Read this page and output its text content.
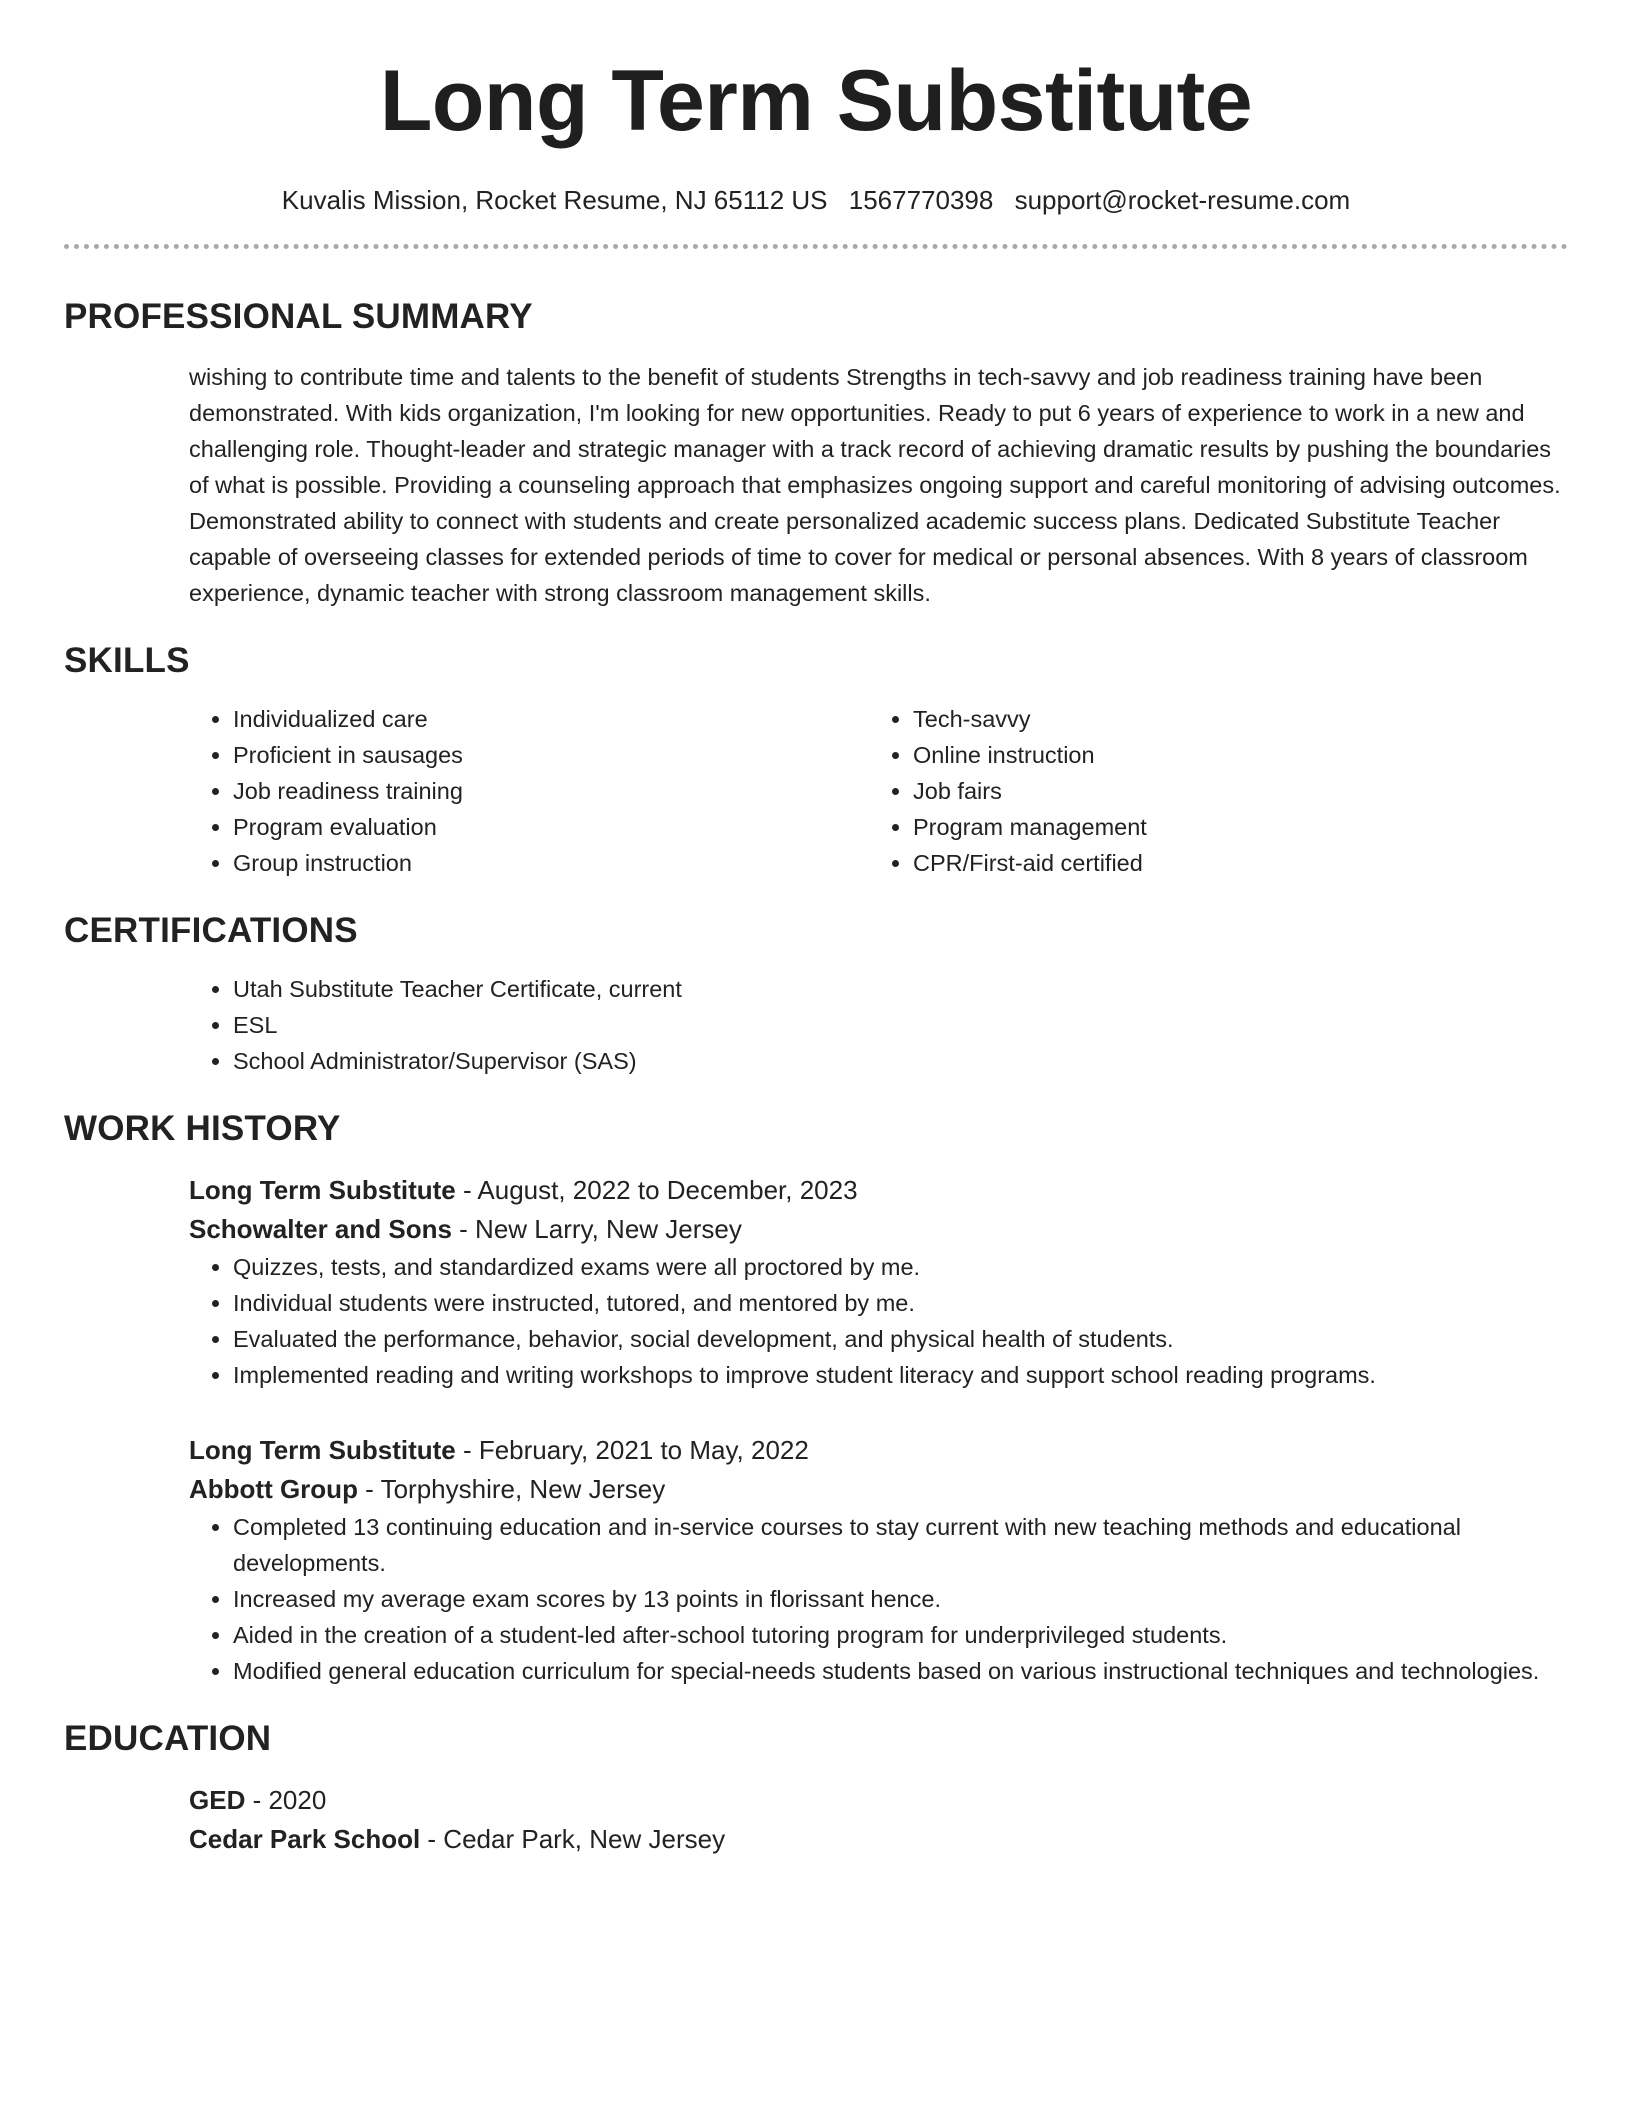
Long Term Substitute
Kuvalis Mission, Rocket Resume, NJ 65112 US 1567770398 support@rocket-resume.com
PROFESSIONAL SUMMARY
wishing to contribute time and talents to the benefit of students Strengths in tech-savvy and job readiness training have been demonstrated. With kids organization, I'm looking for new opportunities. Ready to put 6 years of experience to work in a new and challenging role. Thought-leader and strategic manager with a track record of achieving dramatic results by pushing the boundaries of what is possible. Providing a counseling approach that emphasizes ongoing support and careful monitoring of advising outcomes. Demonstrated ability to connect with students and create personalized academic success plans. Dedicated Substitute Teacher capable of overseeing classes for extended periods of time to cover for medical or personal absences. With 8 years of classroom experience, dynamic teacher with strong classroom management skills.
SKILLS
• Individualized care
• Proficient in sausages
• Job readiness training
• Program evaluation
• Group instruction
• Tech-savvy
• Online instruction
• Job fairs
• Program management
• CPR/First-aid certified
CERTIFICATIONS
• Utah Substitute Teacher Certificate, current
• ESL
• School Administrator/Supervisor (SAS)
WORK HISTORY
Long Term Substitute - August, 2022 to December, 2023
Schowalter and Sons - New Larry, New Jersey
• Quizzes, tests, and standardized exams were all proctored by me.
• Individual students were instructed, tutored, and mentored by me.
• Evaluated the performance, behavior, social development, and physical health of students.
• Implemented reading and writing workshops to improve student literacy and support school reading programs.
Long Term Substitute - February, 2021 to May, 2022
Abbott Group - Torphyshire, New Jersey
• Completed 13 continuing education and in-service courses to stay current with new teaching methods and educational developments.
• Increased my average exam scores by 13 points in florissant hence.
• Aided in the creation of a student-led after-school tutoring program for underprivileged students.
• Modified general education curriculum for special-needs students based on various instructional techniques and technologies.
EDUCATION
GED - 2020
Cedar Park School - Cedar Park, New Jersey
